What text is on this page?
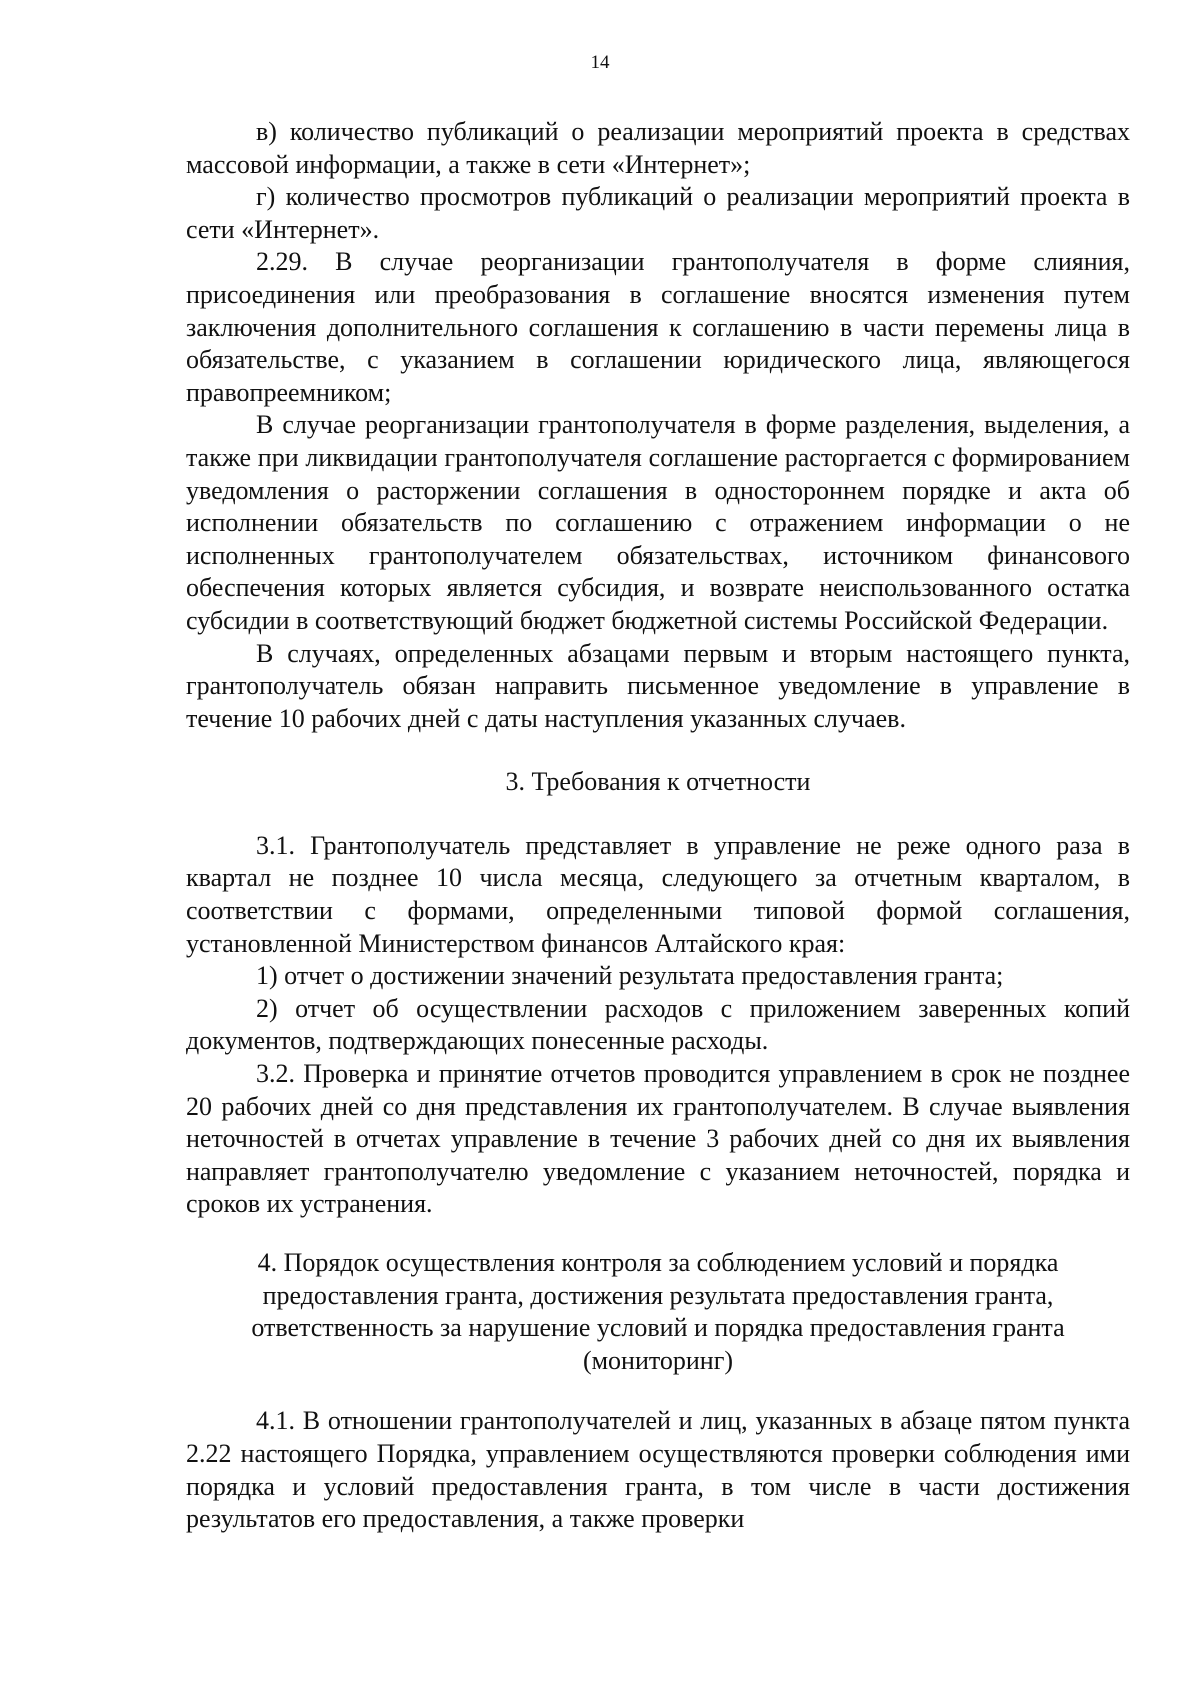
14

в) количество публикаций о реализации мероприятий проекта в средствах массовой информации, а также в сети «Интернет»;

г) количество просмотров публикаций о реализации мероприятий проекта в сети «Интернет».

2.29. В случае реорганизации грантополучателя в форме слияния, присоединения или преобразования в соглашение вносятся изменения путем заключения дополнительного соглашения к соглашению в части перемены лица в обязательстве, с указанием в соглашении юридического лица, являющегося правопреемником;

В случае реорганизации грантополучателя в форме разделения, выделения, а также при ликвидации грантополучателя соглашение расторгается с формированием уведомления о расторжении соглашения в одностороннем порядке и акта об исполнении обязательств по соглашению с отражением информации о не исполненных грантополучателем обязательствах, источником финансового обеспечения которых является субсидия, и возврате неиспользованного остатка субсидии в соответствующий бюджет бюджетной системы Российской Федерации.

В случаях, определенных абзацами первым и вторым настоящего пункта, грантополучатель обязан направить письменное уведомление в управление в течение 10 рабочих дней с даты наступления указанных случаев.

3. Требования к отчетности

3.1. Грантополучатель представляет в управление не реже одного раза в квартал не позднее 10 числа месяца, следующего за отчетным кварталом, в соответствии с формами, определенными типовой формой соглашения, установленной Министерством финансов Алтайского края:

1) отчет о достижении значений результата предоставления гранта;

2) отчет об осуществлении расходов с приложением заверенных копий документов, подтверждающих понесенные расходы.

3.2. Проверка и принятие отчетов проводится управлением в срок не позднее 20 рабочих дней со дня представления их грантополучателем. В случае выявления неточностей в отчетах управление в течение 3 рабочих дней со дня их выявления направляет грантополучателю уведомление с указанием неточностей, порядка и сроков их устранения.

4. Порядок осуществления контроля за соблюдением условий и порядка предоставления гранта, достижения результата предоставления гранта, ответственность за нарушение условий и порядка предоставления гранта (мониторинг)

4.1. В отношении грантополучателей и лиц, указанных в абзаце пятом пункта 2.22 настоящего Порядка, управлением осуществляются проверки соблюдения ими порядка и условий предоставления гранта, в том числе в части достижения результатов его предоставления, а также проверки
